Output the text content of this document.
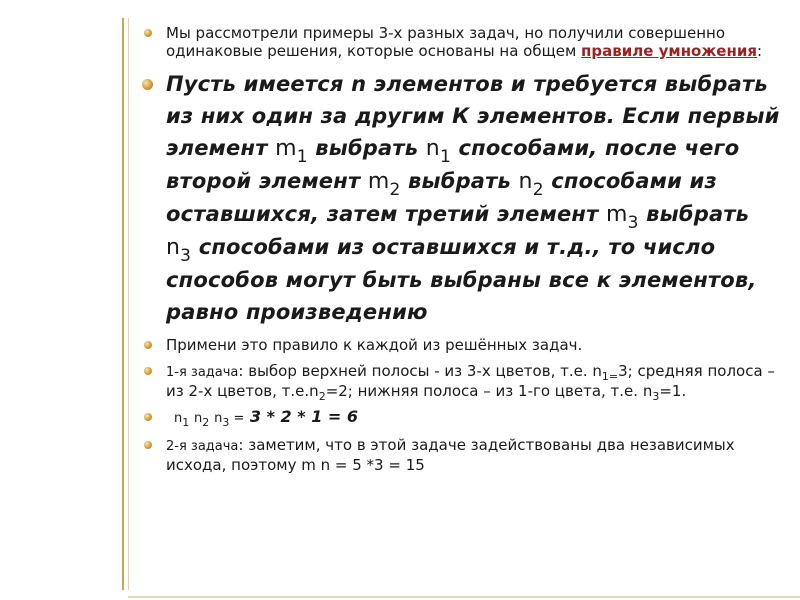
Мы рассмотрели примеры 3-х разных задач, но получили совершенно одинаковые решения, которые основаны на общем правиле умножения:
Пусть имеется n элементов и требуется выбрать из них один за другим К элементов. Если первый элемент $m_1$ выбрать $n_1$ способами, после чего второй элемент $m_2$ выбрать $n_2$ способами из оставшихся, затем третий элемент $m_3$ выбрать $n_3$ способами из оставшихся и т.д., то число способов могут быть выбраны все к элементов, равно произведению
Примени это правило к каждой из решённых задач.
1-я задача: выбор верхней полосы - из 3-х цветов, т.е. $n_{1=}3$; средняя полоса – из 2-х цветов, $т.е.n_2=2$; нижняя полоса – из 1-го цвета, т.е. $n_3=1$.
$n_1$ $n_2$ $n_3 = 3 * 2 * 1 = 6$
2-я задача: заметим, что в этой задаче задействованы два независимых исхода, поэтому m n = 5 *3 = 15
